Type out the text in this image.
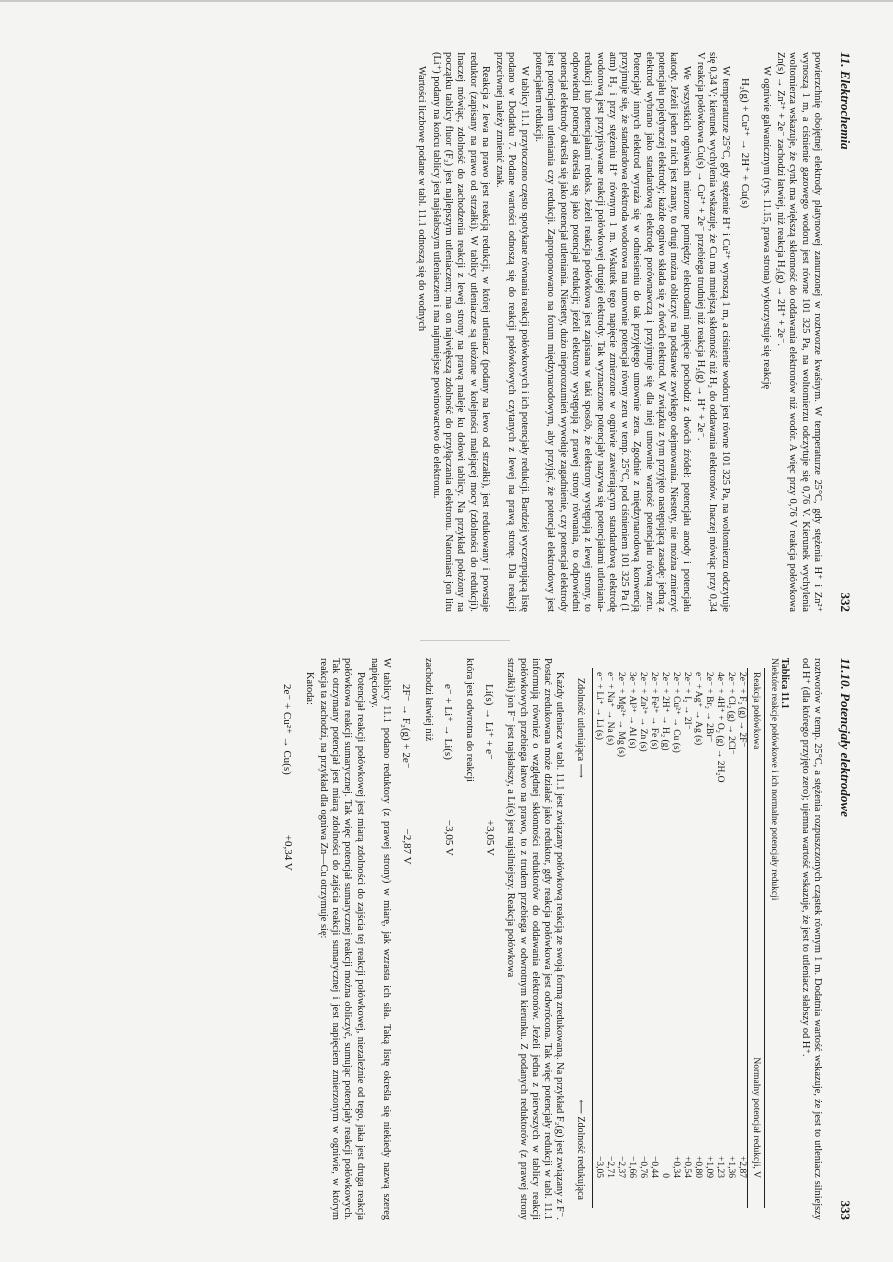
11. Elektrochemia
332

powierzchnię obojętnej elektrody platynowej zanurzonej w roztworze kwaśnym. W temperaturze 25°C, gdy stężenia H⁺ i Zn²⁺ wynoszą 1 m, a ciśnienie gazowego wodoru jest równe 101 325 Pa, na woltomierzu odczytuje się 0,76 V. Kierunek wychylenia woltomierza wskazuje, że cynk ma większą skłonność do oddawania elektronów niż wodór. A więc przy 0,76 V reakcja połówkowa Zn(s) → Zn²⁺ + 2e⁻ zachodzi łatwiej, niż reakcja H₂(g) → 2H⁺ + 2e⁻.

W ogniwie galwanicznym (rys. 11.15, prawa strona) wykorzystuje się reakcję

H₂(g) + Cu²⁺ → 2H⁺ + Cu(s)

W temperaturze 25°C, gdy stężenie H⁺ i Cu²⁺ wynoszą 1 m, a ciśnienie wodoru jest równe 101 325 Pa, na woltomierzu odczytuje się 0,34 V; kierunek wychylenia wskazuje, że Cu ma mniejszą skłonność niż H₂ do oddawania elektronów. Inaczej mówiąc przy 0,34 V reakcja połówkowa Cu(s) → Cu²⁺ + 2e⁻ przebiega trudniej niż reakcja H₂(g) → H⁺ + 2e⁻.

We wszystkich ogniwach mierzone pomiędzy elektrodami napięcie pochodzi z dwóch źródeł: potencjału anody i potencjału katody. Jeżeli jeden z nich jest znany, to drugi można obliczyć na podstawie zwykłego odejmowania. Niestety, nie można zmierzyć potencjału pojedynczej elektrody; każde ogniwo składa się z dwóch elektrod. W związku z tym przyjęto następującą zasadę: jedną z elektrod wybrano jako standardową elektrodę porównawczą i przyjmuje się dla niej umownie wartość potencjału równą zeru. Potencjały innych elektrod wyraża się w odniesieniu do tak przyjętego umownie zera. Zgodnie z międzynarodową konwencją przyjmuje się, że standardowa elektroda wodorowa ma umownie potencjał równy zeru w temp. 25°C, pod ciśnieniem 101 325 Pa (1 atm) H₂ i przy stężeniu H⁺ równym 1 m. Wskutek tego napięcie zmierzone w ogniwie zawierającym standardową elektrodę wodorową jest przypisywane reakcji połówkowej drugiej elektrody. Tak wyznaczone potencjały nazywa się potencjałami utleniania-redukcji lub potencjałami redoks. Jeżeli reakcja połówkowa jest zapisana w taki sposób, że elektrony występują z lewej strony, to odpowiedni potencjał określa się jako potencjał redukcji; jeżeli elektrony występują z prawej strony równania, to odpowiedni potencjał elektrody określa się jako potencjał utleniania. Niestety, dużo nieporozumień wywołuje zagadnienie, czy potencjał elektrody jest potencjałem utleniania czy redukcji. Zaproponowano na forum międzynarodowym, aby przyjąć, że potencjał elektrodowy jest potencjałem redukcji.

W tablicy 11.1 przytoczono często spotykane równania reakcji połówkowych i ich potencjały redukcji. Bardziej wyczerpującą listę podano w Dodatku 7. Podane wartości odnoszą się do reakcji połówkowych czytanych z lewej na prawą stronę. Dla reakcji przeciwnej należy zmienić znak.

Reakcja z lewa na prawo jest reakcją redukcji, w której utleniacz (podany na lewo od strzałki), jest redukowany i powstaje reduktor (zapisany na prawo od strzałki). W tablicy utleniacze są ułożone w kolejności malejącej mocy (zdolności do redukcji). Inaczej mówiąc, zdolność do zachodzenia reakcji z lewej strony na prawą maleje ku dołowi tablicy. Na przykład położony na początku tablicy fluor (F₂) jest najlepszym utleniaczem; ma on największą zdolność do przyłączania elektronu. Natomiast jon litu (Li⁺) podany na końcu tablicy jest najsłabszym utleniaczem i ma najmniejsze powinowactwo do elektronu.

Wartości liczbowe podane w tabl. 11.1 odnoszą się do wodnych

11.10. Potencjały elektrodowe
333

roztworów w temp. 25°C, a stężenia rozpuszczonych cząstek równym 1 m. Dodatnia wartość wskazuje, że jest to utleniacz silniejszy od H⁺ (dla którego przyjęto zero); ujemna wartość wskazuje, że jest to utleniacz słabszy od H⁺.

Tablica 11.1
Niektóre reakcje połówkowe i ich normalne potencjały redukcji
Reakcja połówkowa	Normalny potencjał redukcji, V
2e⁻ + F₂ (g) → 2F⁻	+2,87
2e⁻ + Cl₂ (g) → 2Cl⁻	+1,36
4e⁻ + 4H⁺ + O₂ (g) → 2H₂O	+1,23
2e⁻ + Br₂ → 2Br⁻	+1,09
e⁻ + Ag⁺ → Ag (s)	+0,80
2e⁻ + I₂ → 2I⁻	+0,54
2e⁻ + Cu²⁺ → Cu (s)	+0,34
2e⁻ + 2H⁺ → H₂ (g)	0
2e⁻ + Fe²⁺ → Fe (s)	−0,44
2e⁻ + Zn²⁺ → Zn (s)	−0,76
3e⁻ + Al³⁺ → Al (s)	−1,66
2e⁻ + Mg²⁺ → Mg (s)	−2,37
e⁻ + Na⁺ → Na (s)	−2,71
e⁻ + Li⁺ → Li (s)	−3,05
Zdolność utleniająca ⟶
⟵ Zdolność redukująca

Każdy utleniacz w tabl. 11.1 jest związany połówkową reakcją ze swoją formą zredukowaną. Na przykład F₂(g) jest związany z F⁻. Postać zredukowana może działać jako reduktor, gdy reakcja połówkowa jest odwrócona. Tak więc potencjały redukcji w tabl. 11.1 informują również o względnej skłonności reduktorów do oddawania elektronów. Jeżeli jedna z pierwszych w tablicy reakcji połówkowych przebiega łatwo na prawo, to z trudem przebiega w odwrotnym kierunku. Z podanych reduktorów (z prawej strony strzałki) jon F⁻ jest najsłabszy, a Li(s) jest najsilniejszy. Reakcja połówkowa

Li(s) → Li⁺ + e⁻
+3,05 V

która jest odwrotna do reakcji

e⁻ + Li⁺ → Li(s)
−3,05 V

zachodzi łatwiej niż

2F⁻ → F₂(g) + 2e⁻
−2,87 V

W tablicy 11.1 podano reduktory (z prawej strony) w miarę, jak wzrasta ich siła. Taką listę określa się niekiedy nazwą szereg napięciowy.

Potencjał reakcji połówkowej jest miarą zdolności do zajścia tej reakcji połówkowej, niezależnie od tego, jaka jest druga reakcja połówkowa reakcji sumarycznej. Tak więc potencjał sumarycznej reakcji można obliczyć, sumując potencjały reakcji połówkowych. Tak otrzymany potencjał jest miarą zdolności do zajścia reakcji sumarycznej i jest napięciem zmierzonym w ogniwie, w którym reakcja ta zachodzi, na przykład dla ogniwa Zn—Cu otrzymuje się:

Katoda:

2e⁻ + Cu²⁺ → Cu(s)
+0,34 V
